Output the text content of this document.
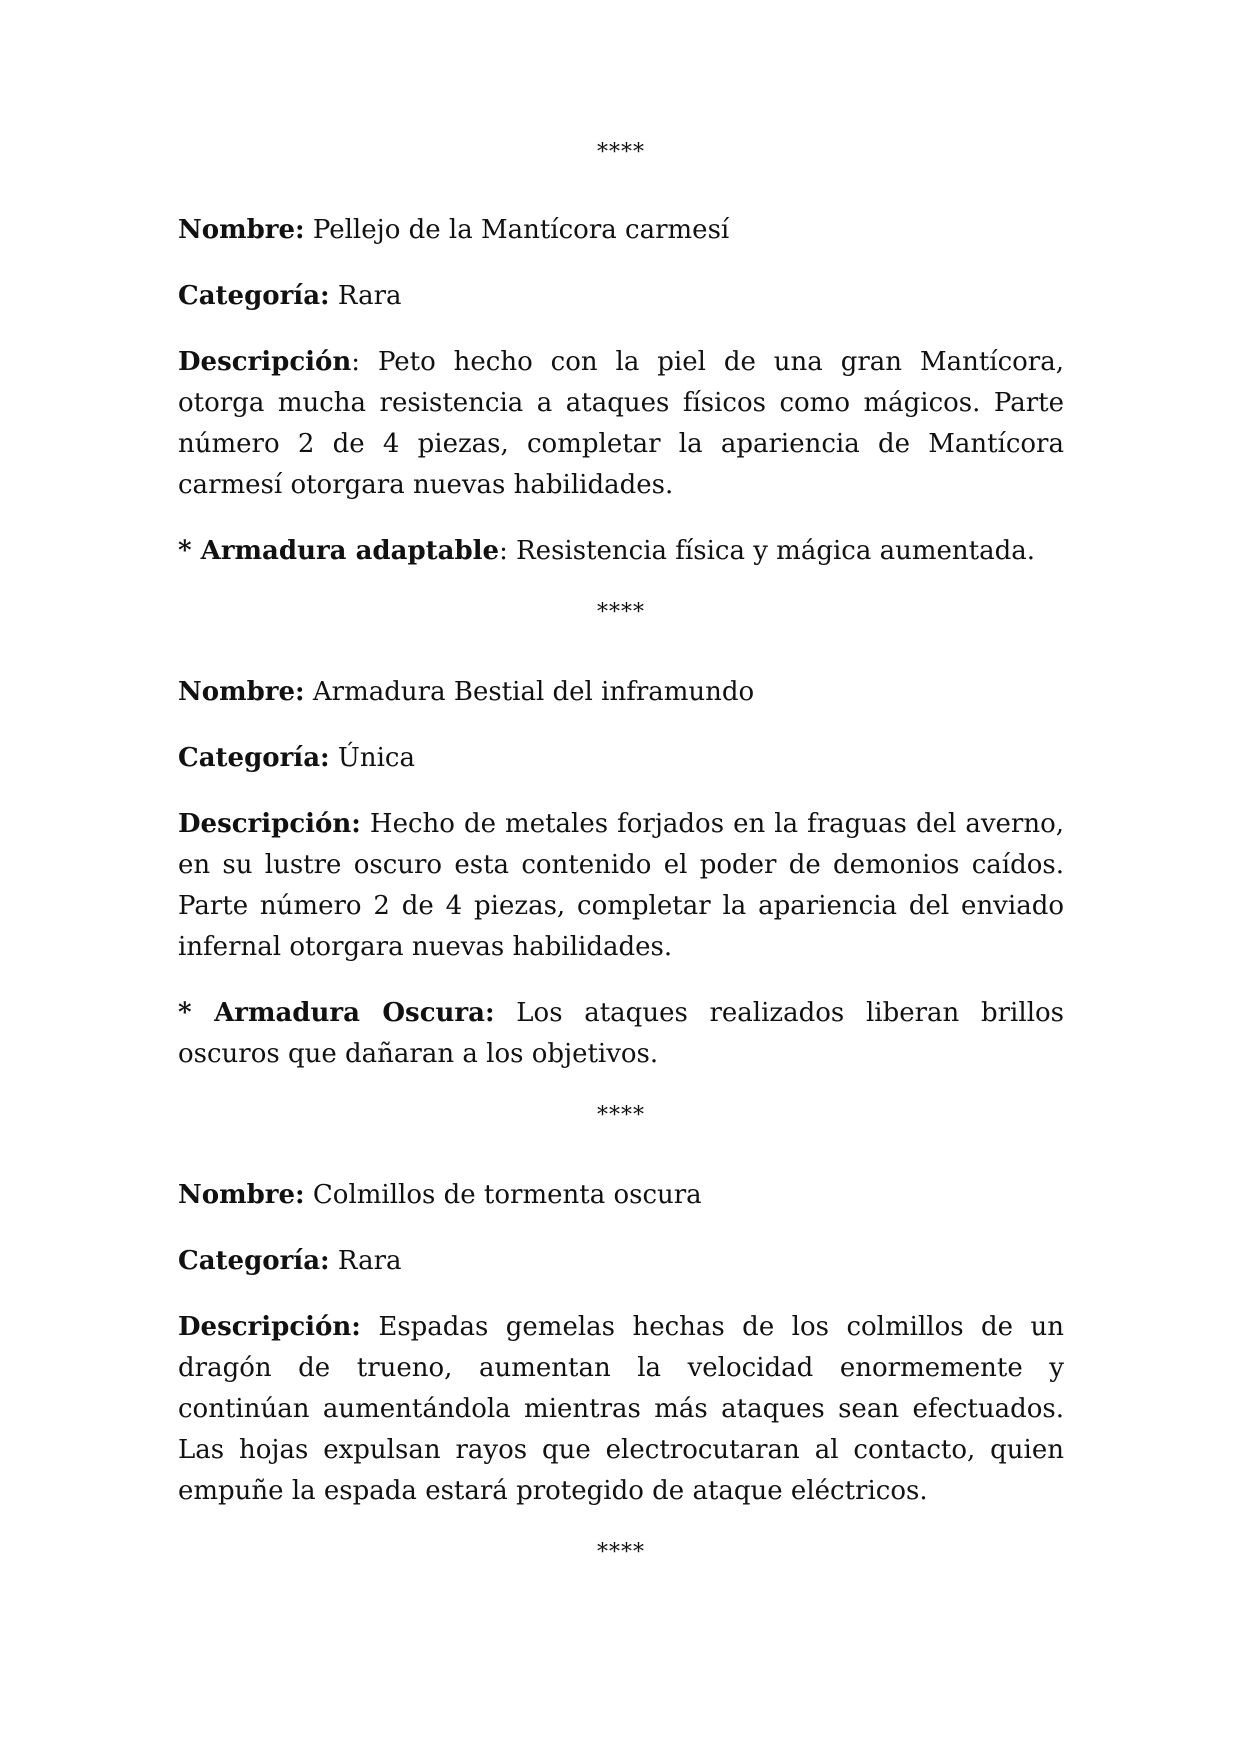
****

Nombre: Pellejo de la Mantícora carmesí

Categoría: Rara

Descripción: Peto hecho con la piel de una gran Mantícora, otorga mucha resistencia a ataques físicos como mágicos. Parte número 2 de 4 piezas, completar la apariencia de Mantícora carmesí otorgara nuevas habilidades.

* Armadura adaptable: Resistencia física y mágica aumentada.

****

Nombre: Armadura Bestial del inframundo

Categoría: Única

Descripción: Hecho de metales forjados en la fraguas del averno, en su lustre oscuro esta contenido el poder de demonios caídos. Parte número 2 de 4 piezas, completar la apariencia del enviado infernal otorgara nuevas habilidades.

* Armadura Oscura: Los ataques realizados liberan brillos oscuros que dañaran a los objetivos.

****

Nombre: Colmillos de tormenta oscura

Categoría: Rara

Descripción: Espadas gemelas hechas de los colmillos de un dragón de trueno, aumentan la velocidad enormemente y continúan aumentándola mientras más ataques sean efectuados. Las hojas expulsan rayos que electrocutaran al contacto, quien empuñe la espada estará protegido de ataque eléctricos.

****
